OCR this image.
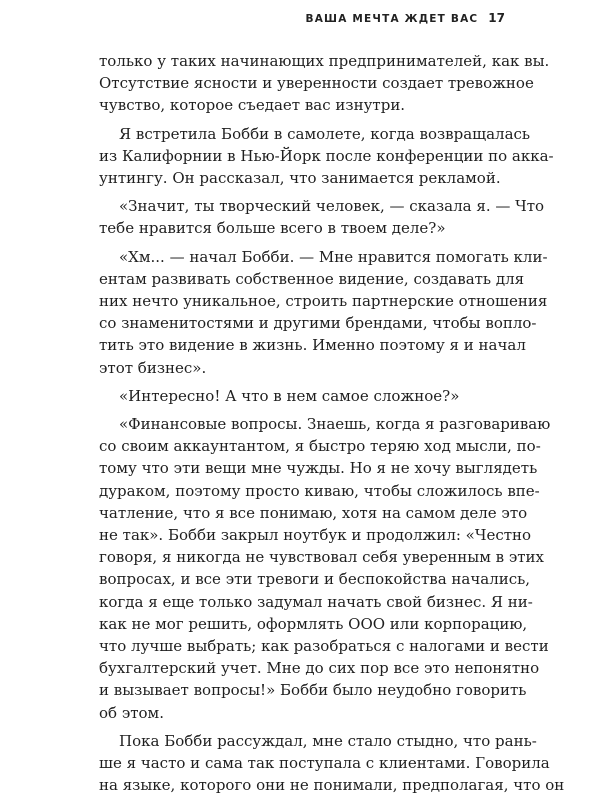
ВАША МЕЧТА ЖДЕТ ВАС 17
только у таких начинающих предпринимателей, как вы.
Отсутствие ясности и уверенности создает тревожное
чувство, которое съедает вас изнутри.
Я встретила Бобби в самолете, когда возвращалась
из Калифорнии в Нью-Йорк после конференции по акка-
унтингу. Он рассказал, что занимается рекламой.
«Значит, ты творческий человек, — сказала я. — Что
тебе нравится больше всего в твоем деле?»
«Хм... — начал Бобби. — Мне нравится помогать кли-
ентам развивать собственное видение, создавать для
них нечто уникальное, строить партнерские отношения
со знаменитостями и другими брендами, чтобы вопло-
тить это видение в жизнь. Именно поэтому я и начал
этот бизнес».
«Интересно! А что в нем самое сложное?»
«Финансовые вопросы. Знаешь, когда я разговариваю
со своим аккаунтантом, я быстро теряю ход мысли, по-
тому что эти вещи мне чужды. Но я не хочу выглядеть
дураком, поэтому просто киваю, чтобы сложилось впе-
чатление, что я все понимаю, хотя на самом деле это
не так». Бобби закрыл ноутбук и продолжил: «Честно
говоря, я никогда не чувствовал себя уверенным в этих
вопросах, и все эти тревоги и беспокойства начались,
когда я еще только задумал начать свой бизнес. Я ни-
как не мог решить, оформлять ООО или корпорацию,
что лучше выбрать; как разобраться с налогами и вести
бухгалтерский учет. Мне до сих пор все это непонятно
и вызывает вопросы!» Бобби было неудобно говорить
об этом.
Пока Бобби рассуждал, мне стало стыдно, что рань-
ше я часто и сама так поступала с клиентами. Говорила
на языке, которого они не понимали, предполагая, что он
